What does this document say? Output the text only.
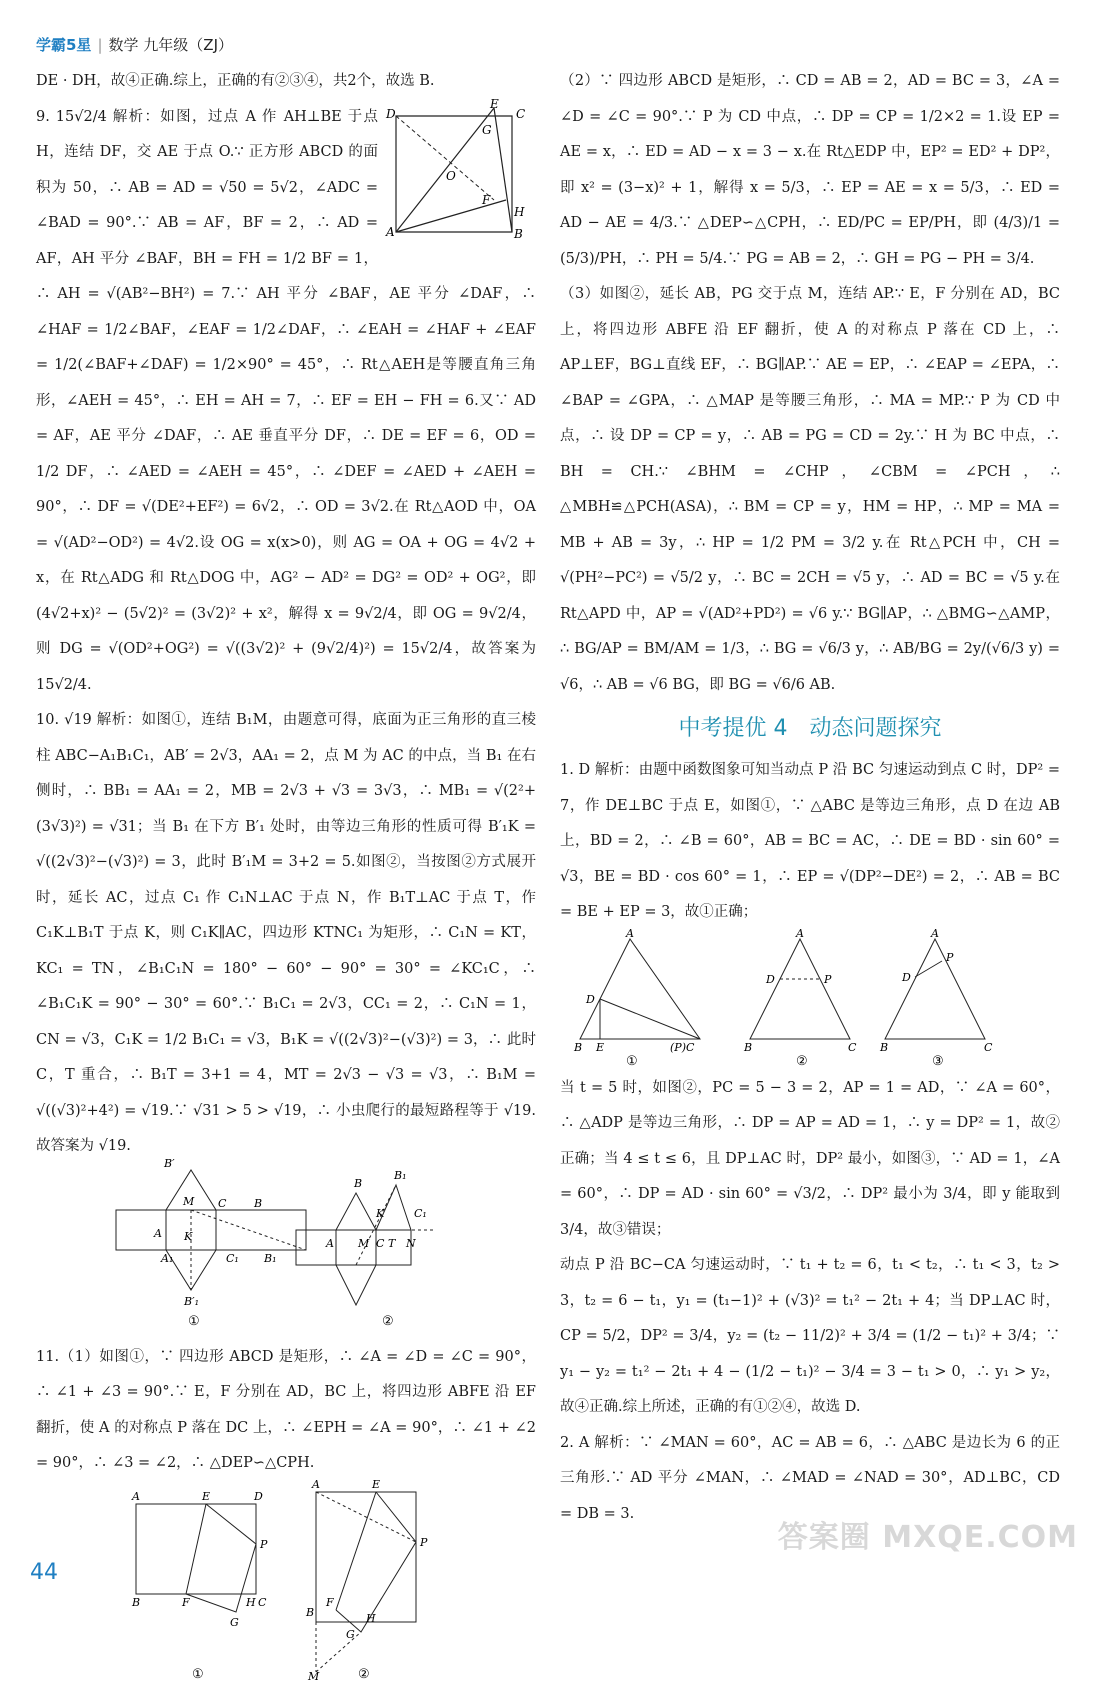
学霸5星 | 数学 九年级（ZJ）

DE · DH，故④正确.综上，正确的有②③④，共2个，故选 B.

D
E
C
G
O
F
H
A	B

9. 15√2/4 解析：如图，过点 A 作 AH⊥BE 于点 H，连结 DF，交 AE 于点 O.∵ 正方形 ABCD 的面积为 50，∴ AB = AD = √50 = 5√2，∠ADC = ∠BAD = 90°.∵ AB = AF，BF = 2，∴ AD = AF，AH 平分 ∠BAF，BH = FH = 1/2 BF = 1，∴ AH = √(AB²−BH²) = 7.∵ AH 平分 ∠BAF，AE 平分 ∠DAF，∴ ∠HAF = 1/2∠BAF，∠EAF = 1/2∠DAF，∴ ∠EAH = ∠HAF + ∠EAF = 1/2(∠BAF+∠DAF) = 1/2×90° = 45°，∴ Rt△AEH是等腰直角三角形，∠AEH = 45°，∴ EH = AH = 7，∴ EF = EH − FH = 6.又∵ AD = AF，AE 平分 ∠DAF，∴ AE 垂直平分 DF，∴ DE = EF = 6，OD = 1/2 DF，∴ ∠AED = ∠AEH = 45°，∴ ∠DEF = ∠AED + ∠AEH = 90°，∴ DF = √(DE²+EF²) = 6√2，∴ OD = 3√2.在 Rt△AOD 中，OA = √(AD²−OD²) = 4√2.设 OG = x(x>0)，则 AG = OA + OG = 4√2 + x，在 Rt△ADG 和 Rt△DOG 中，AG² − AD² = DG² = OD² + OG²，即(4√2+x)² − (5√2)² = (3√2)² + x²，解得 x = 9√2/4，即 OG = 9√2/4，则 DG = √(OD²+OG²) = √((3√2)² + (9√2/4)²) = 15√2/4，故答案为 15√2/4.

10. √19 解析：如图①，连结 B₁M，由题意可得，底面为正三角形的直三棱柱 ABC−A₁B₁C₁，AB′ = 2√3，AA₁ = 2，点 M 为 AC 的中点，当 B₁ 在右侧时，∴ BB₁ = AA₁ = 2，MB = 2√3 + √3 = 3√3，∴ MB₁ = √(2²+(3√3)²) = √31；当 B₁ 在下方 B′₁ 处时，由等边三角形的性质可得 B′₁K = √((2√3)²−(√3)²) = 3，此时 B′₁M = 3+2 = 5.如图②，当按图②方式展开时，延长 AC，过点 C₁ 作 C₁N⊥AC 于点 N，作 B₁T⊥AC 于点 T，作 C₁K⊥B₁T 于点 K，则 C₁K∥AC，四边形 KTNC₁ 为矩形，∴ C₁N = KT，KC₁ = TN，∠B₁C₁N = 180° − 60° − 90° = 30° = ∠KC₁C，∴ ∠B₁C₁K = 90° − 30° = 60°.∵ B₁C₁ = 2√3，CC₁ = 2，∴ C₁N = 1，CN = √3，C₁K = 1/2 B₁C₁ = √3，B₁K = √((2√3)²−(√3)²) = 3，∴ 此时 C，T 重合，∴ B₁T = 3+1 = 4，MT = 2√3 − √3 = √3，∴ B₁M = √((√3)²+4²) = √19.∵ √31 > 5 > √19，∴ 小虫爬行的最短路程等于 √19.故答案为 √19.

B′
A
M C	B
K
A₁	C₁ B₁
B′₁
①
B
B₁
A M C T N
K	C₁
②

11.（1）如图①，∵ 四边形 ABCD 是矩形，∴ ∠A = ∠D = ∠C = 90°，∴ ∠1 + ∠3 = 90°.∵ E，F 分别在 AD，BC 上，将四边形 ABFE 沿 EF 翻折，使 A 的对称点 P 落在 DC 上，∴ ∠EPH = ∠A = 90°，∴ ∠1 + ∠2 = 90°，∴ ∠3 = ∠2，∴ △DEP∽△CPH.

A	E	D
P
B	F
G
H C
①
A	E
P
F
B
G
H
M	②

（2）∵ 四边形 ABCD 是矩形，∴ CD = AB = 2，AD = BC = 3，∠A = ∠D = ∠C = 90°.∵ P 为 CD 中点，∴ DP = CP = 1/2×2 = 1.设 EP = AE = x，∴ ED = AD − x = 3 − x.在 Rt△EDP 中，EP² = ED² + DP²，即 x² = (3−x)² + 1，解得 x = 5/3，∴ EP = AE = x = 5/3，∴ ED = AD − AE = 4/3.∵ △DEP∽△CPH，∴ ED/PC = EP/PH，即 (4/3)/1 = (5/3)/PH，∴ PH = 5/4.∵ PG = AB = 2，∴ GH = PG − PH = 3/4.

（3）如图②，延长 AB，PG 交于点 M，连结 AP.∵ E，F 分别在 AD，BC 上，将四边形 ABFE 沿 EF 翻折，使 A 的对称点 P 落在 CD 上，∴ AP⊥EF，BG⊥直线 EF，∴ BG∥AP.∵ AE = EP，∴ ∠EAP = ∠EPA，∴ ∠BAP = ∠GPA，∴ △MAP 是等腰三角形，∴ MA = MP.∵ P 为 CD 中点，∴ 设 DP = CP = y，∴ AB = PG = CD = 2y.∵ H 为 BC 中点，∴ BH = CH.∵ ∠BHM = ∠CHP，∠CBM = ∠PCH，∴ △MBH≌△PCH(ASA)，∴ BM = CP = y，HM = HP，∴ MP = MA = MB + AB = 3y，∴ HP = 1/2 PM = 3/2 y.在 Rt△PCH 中，CH = √(PH²−PC²) = √5/2 y，∴ BC = 2CH = √5 y，∴ AD = BC = √5 y.在 Rt△APD 中，AP = √(AD²+PD²) = √6 y.∵ BG∥AP，∴ △BMG∽△AMP，∴ BG/AP = BM/AM = 1/3，∴ BG = √6/3 y，∴ AB/BG = 2y/(√6/3 y) = √6，∴ AB = √6 BG，即 BG = √6/6 AB.

中考提优 4　动态问题探究

1. D 解析：由题中函数图象可知当动点 P 沿 BC 匀速运动到点 C 时，DP² = 7，作 DE⊥BC 于点 E，如图①，∵ △ABC 是等边三角形，点 D 在边 AB 上，BD = 2，∴ ∠B = 60°，AB = BC = AC，∴ DE = BD · sin 60° = √3，BE = BD · cos 60° = 1，∴ EP = √(DP²−DE²) = 2，∴ AB = BC = BE + EP = 3，故①正确；

A
D
B E	(P)C
①
A
D	P
B	C
②
A
D
P
B	C
③

当 t = 5 时，如图②，PC = 5 − 3 = 2，AP = 1 = AD，∵ ∠A = 60°，∴ △ADP 是等边三角形，∴ DP = AP = AD = 1，∴ y = DP² = 1，故②正确；当 4 ≤ t ≤ 6，且 DP⊥AC 时，DP² 最小，如图③，∵ AD = 1，∠A = 60°，∴ DP = AD · sin 60° = √3/2，∴ DP² 最小为 3/4，即 y 能取到 3/4，故③错误；

动点 P 沿 BC−CA 匀速运动时，∵ t₁ + t₂ = 6，t₁ < t₂，∴ t₁ < 3，t₂ > 3，t₂ = 6 − t₁，y₁ = (t₁−1)² + (√3)² = t₁² − 2t₁ + 4；当 DP⊥AC 时，CP = 5/2，DP² = 3/4，y₂ = (t₂ − 11/2)² + 3/4 = (1/2 − t₁)² + 3/4；∵ y₁ − y₂ = t₁² − 2t₁ + 4 − (1/2 − t₁)² − 3/4 = 3 − t₁ > 0，∴ y₁ > y₂，故④正确.综上所述，正确的有①②④，故选 D.

2. A 解析：∵ ∠MAN = 60°，AC = AB = 6，∴ △ABC 是边长为 6 的正三角形.∵ AD 平分 ∠MAN，∴ ∠MAD = ∠NAD = 30°，AD⊥BC，CD = DB = 3.

44
答案圈 MXQE.COM
